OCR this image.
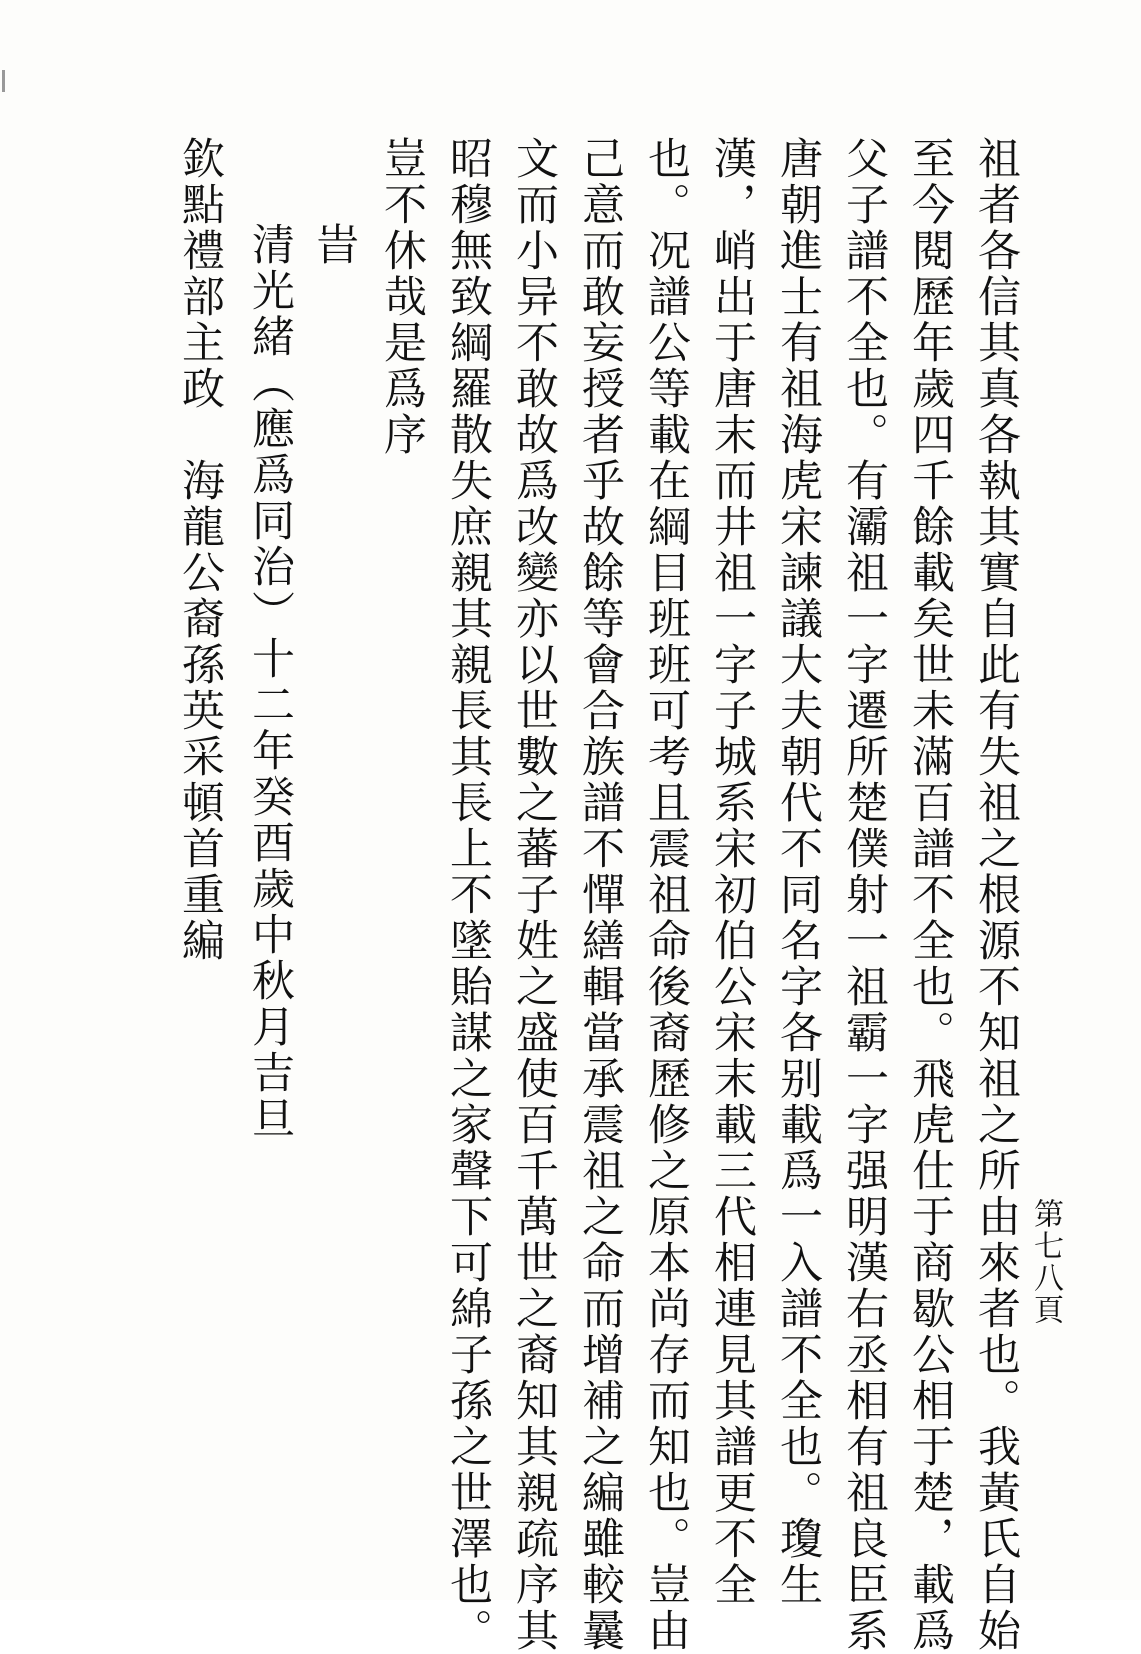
祖者各信其真各執其實自此有失祖之根源不知祖之所由來者也。我黃氏自始
至今閱歷年歲四千餘載矣世未滿百譜不全也。飛虎仕于商歇公相于楚，載爲
父子譜不全也。有灞祖一字遷所楚僕射一祖霸一字强明漢右丞相有祖良臣系
唐朝進士有祖海虎宋諫議大夫朝代不同名字各别載爲一入譜不全也。瓊生
漢，峭出于唐末而井祖一字子城系宋初伯公宋末載三代相連見其譜更不全
也。况譜公等載在綱目班班可考且震祖命後裔歷修之原本尚存而知也。豈由
己意而敢妄授者乎故餘等會合族譜不憚繕輯當承震祖之命而增補之編雖較曩
文而小异不敢故爲改變亦以世數之蕃子姓之盛使百千萬世之裔知其親疏序其
昭穆無致綱羅散失庶親其親長其長上不墜貽謀之家聲下可綿子孫之世澤也。
豈不休哉是爲序
旹
清光緒（應爲同治）十二年癸酉歲中秋月吉旦
欽點禮部主政　海龍公裔孫英采頓首重編
第七八頁
